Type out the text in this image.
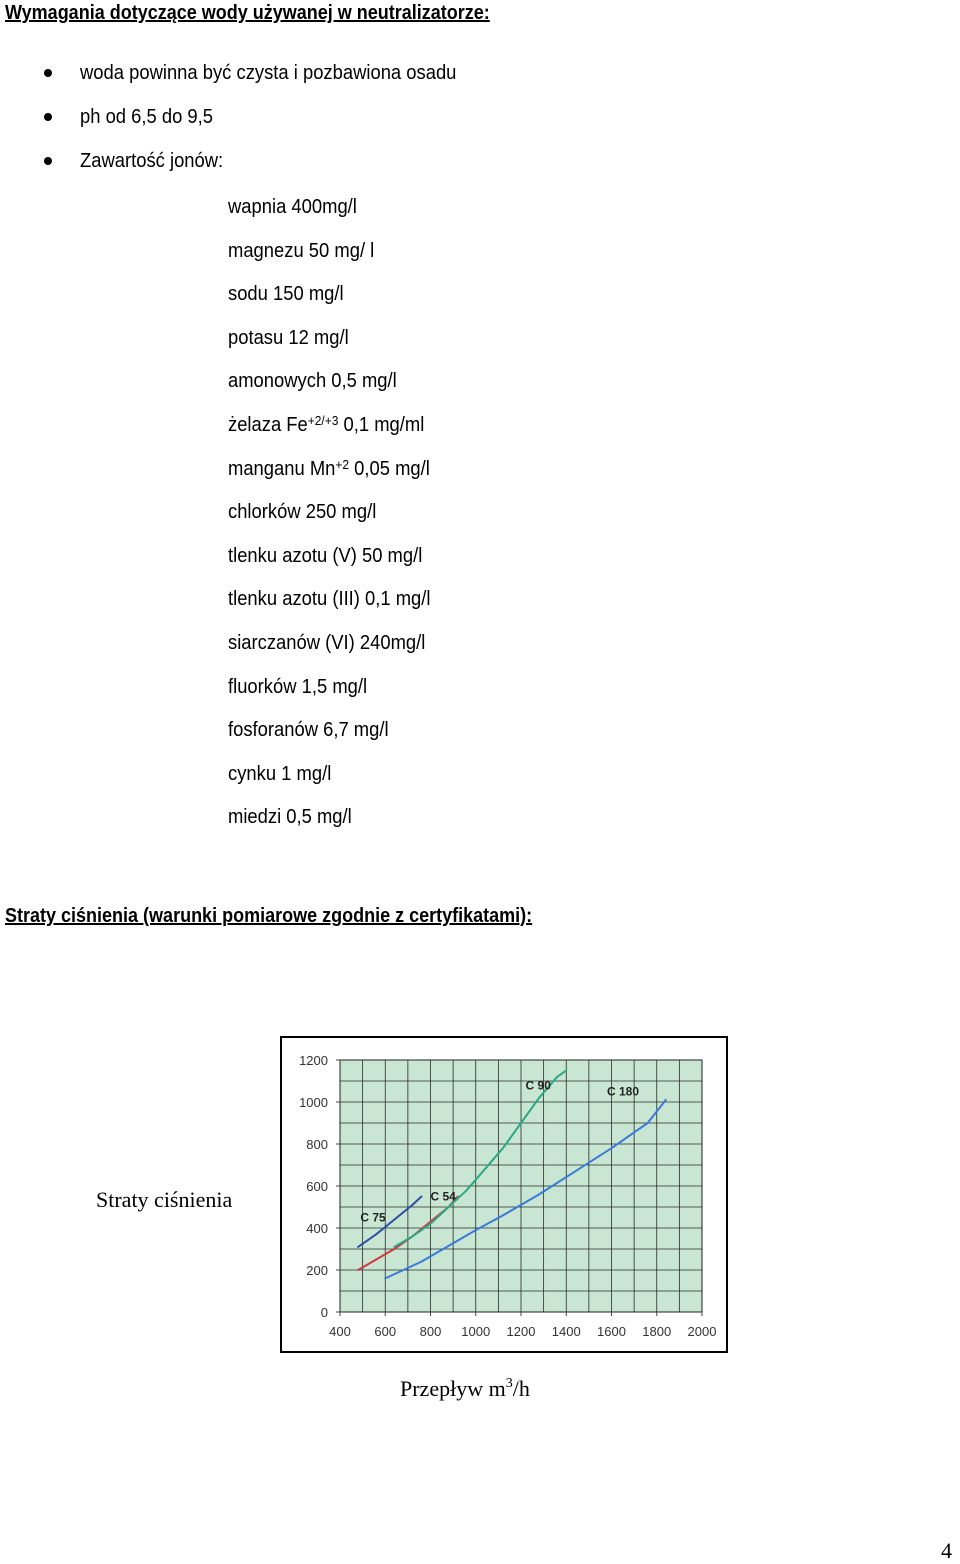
Wymagania dotyczące wody używanej w neutralizatorze:
woda powinna być czysta i pozbawiona osadu
ph od 6,5 do 9,5
Zawartość jonów:
wapnia 400mg/l
magnezu 50 mg/ l
sodu 150 mg/l
potasu 12 mg/l
amonowych 0,5 mg/l
żelaza $Fe^{+2/+3}$ 0,1 mg/ml
manganu $Mn^{+2}$ 0,05 mg/l
chlorków 250 mg/l
tlenku azotu (V) 50 mg/l
tlenku azotu (III) 0,1 mg/l
siarczanów (VI) 240mg/l
fluorków 1,5 mg/l
fosforanów 6,7 mg/l
cynku 1 mg/l
miedzi 0,5 mg/l
Straty ciśnienia (warunki pomiarowe zgodnie z certyfikatami):
Straty ciśnienia
400 600 800 1000 1200 1400 1600 1800 2000
0
200
400
600
800
1000
1200
C 75
C 54
C 90	C 180
Przepływ $m^3/h$
4
